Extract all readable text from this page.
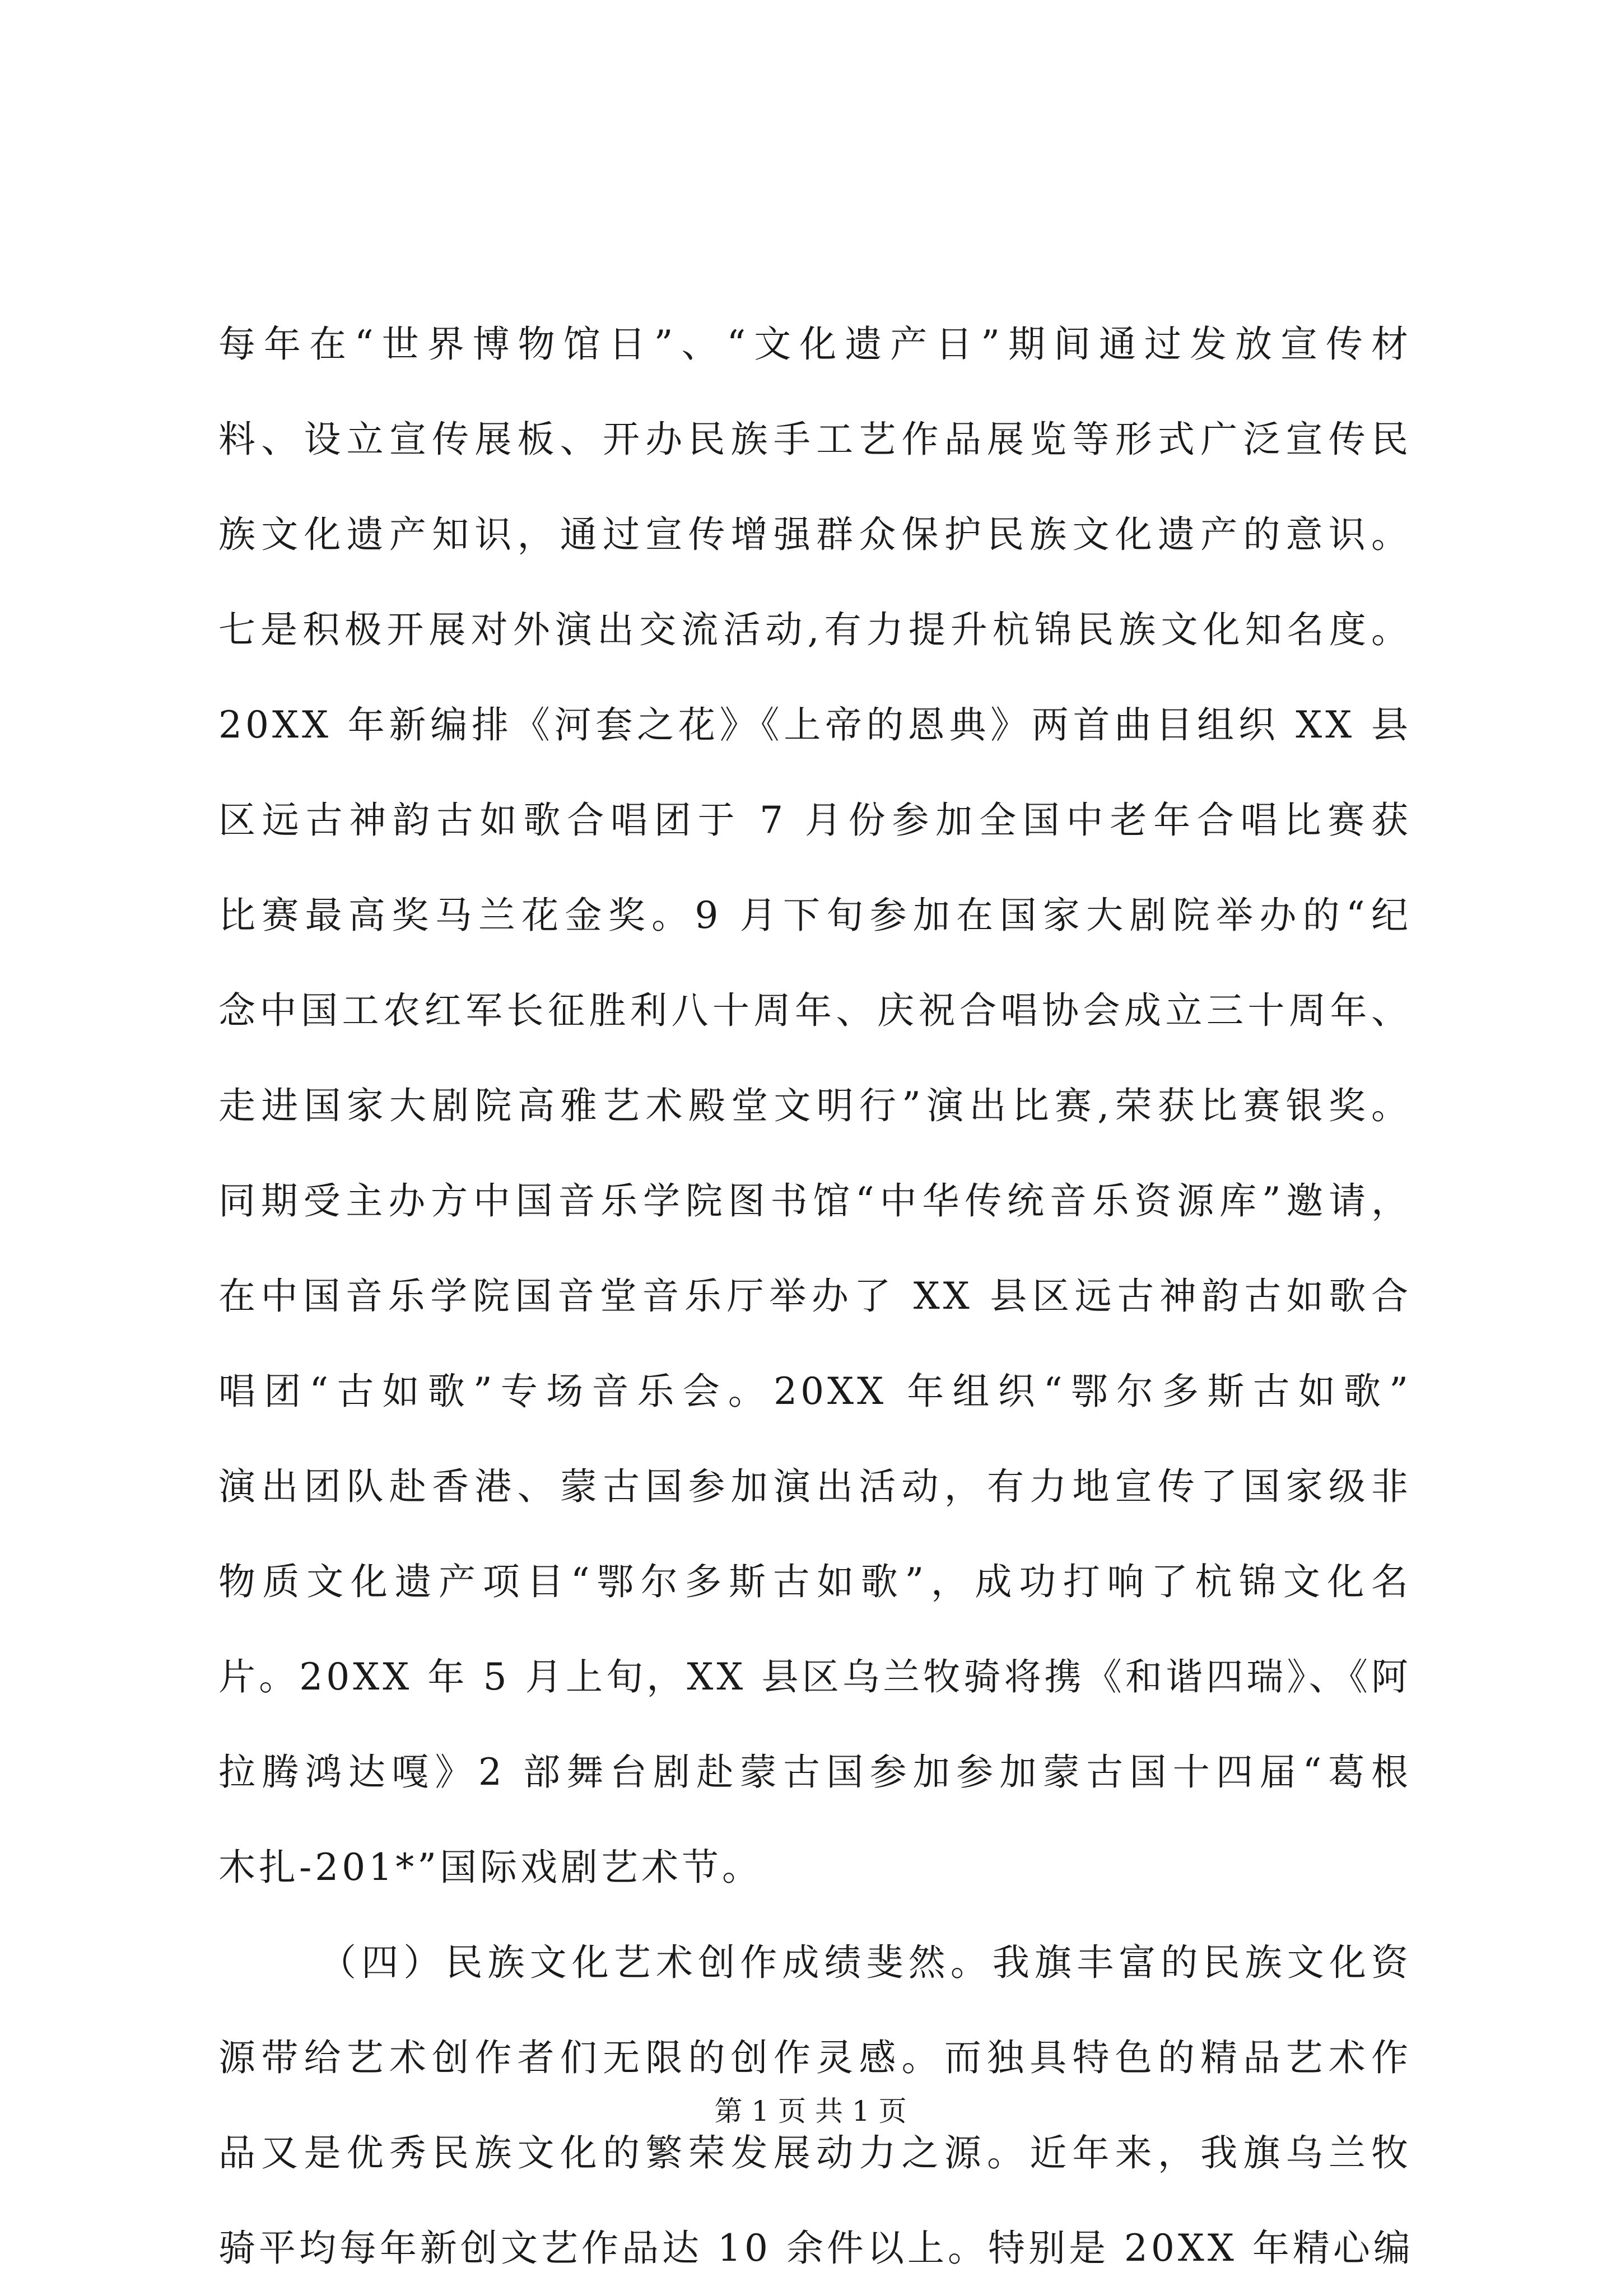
每年在“世界博物馆日”、“文化遗产日”期间通过发放宣传材
料、设立宣传展板、开办民族手工艺作品展览等形式广泛宣传民
族文化遗产知识，通过宣传增强群众保护民族文化遗产的意识。
七是积极开展对外演出交流活动,有力提升杭锦民族文化知名度。
20XX 年新编排《河套之花》《上帝的恩典》两首曲目组织 XX 县
区远古神韵古如歌合唱团于 7 月份参加全国中老年合唱比赛获
比赛最高奖马兰花金奖。9 月下旬参加在国家大剧院举办的“纪
念中国工农红军长征胜利八十周年、庆祝合唱协会成立三十周年、
走进国家大剧院高雅艺术殿堂文明行”演出比赛,荣获比赛银奖。
同期受主办方中国音乐学院图书馆“中华传统音乐资源库”邀请，
在中国音乐学院国音堂音乐厅举办了 XX 县区远古神韵古如歌合
唱团“古如歌”专场音乐会。20XX 年组织“鄂尔多斯古如歌”
演出团队赴香港、蒙古国参加演出活动，有力地宣传了国家级非
物质文化遗产项目“鄂尔多斯古如歌”，成功打响了杭锦文化名
片。20XX 年 5 月上旬，XX 县区乌兰牧骑将携《和谐四瑞》、《阿
拉腾鸿达嘎》2 部舞台剧赴蒙古国参加参加蒙古国十四届“葛根
木扎-201*”国际戏剧艺术节。
（四）民族文化艺术创作成绩斐然。我旗丰富的民族文化资
源带给艺术创作者们无限的创作灵感。而独具特色的精品艺术作
品又是优秀民族文化的繁荣发展动力之源。近年来，我旗乌兰牧
骑平均每年新创文艺作品达 10 余件以上。特别是 20XX 年精心编
第 1 页 共 1 页
